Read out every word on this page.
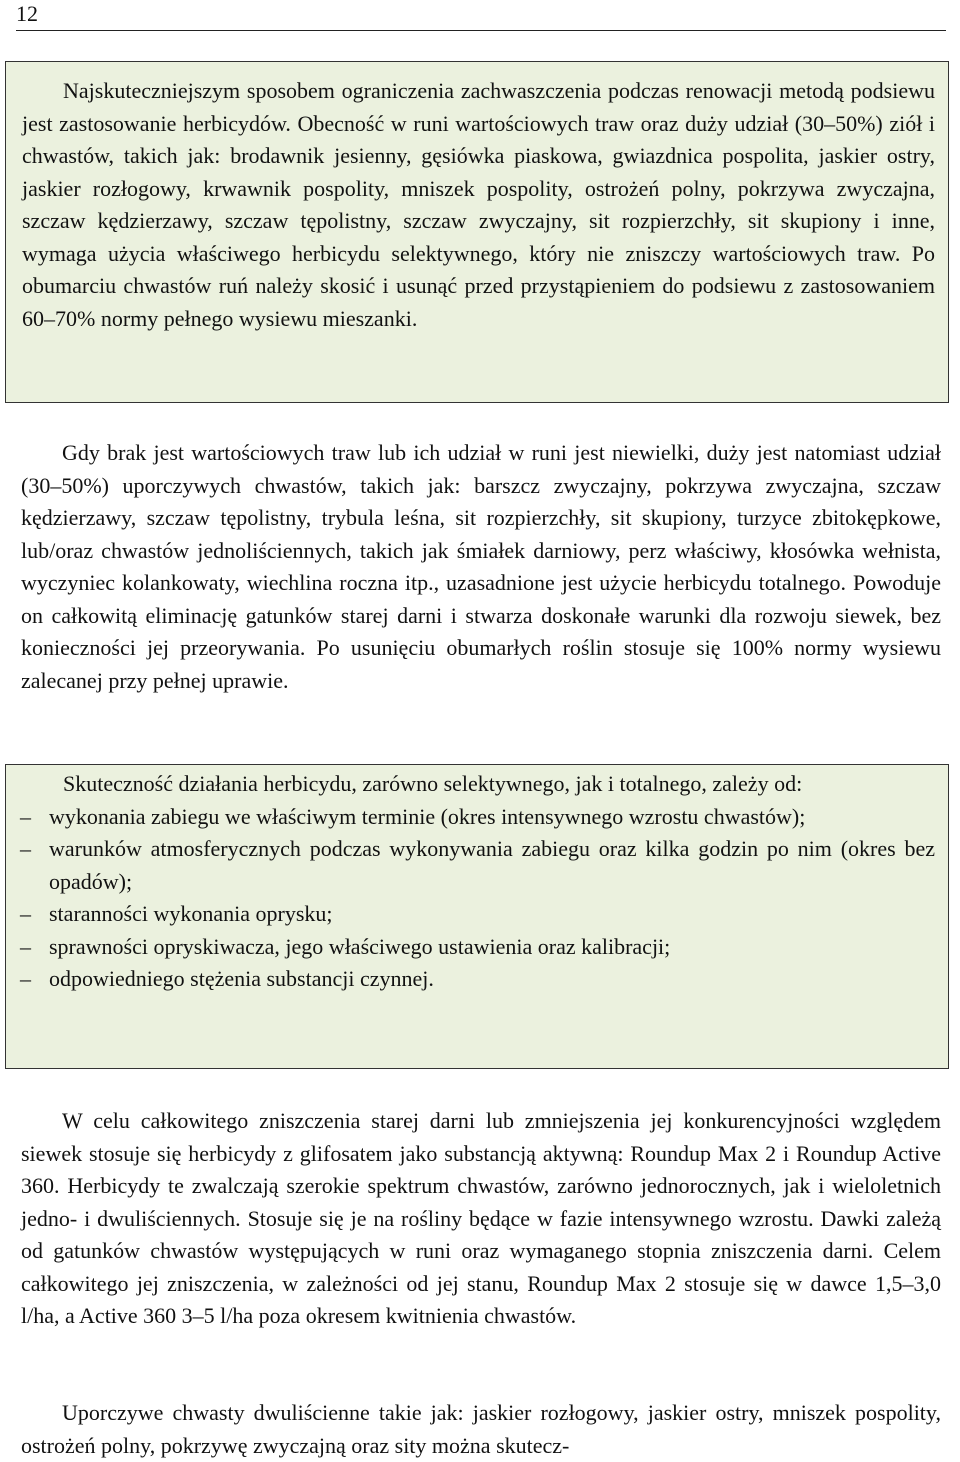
12

Najskuteczniejszym sposobem ograniczenia zachwaszczenia podczas renowacji metodą podsiewu jest zastosowanie herbicydów. Obecność w runi wartościowych traw oraz duży udział (30–50%) ziół i chwastów, takich jak: brodawnik jesienny, gęsiówka piaskowa, gwiazdnica pospolita, jaskier ostry, jaskier rozłogowy, krwawnik pospolity, mniszek pospolity, ostrożeń polny, pokrzywa zwyczajna, szczaw kędzierzawy, szczaw tępolistny, szczaw zwyczajny, sit rozpierzchły, sit skupiony i inne, wymaga użycia właściwego herbicydu selektywnego, który nie zniszczy wartościowych traw. Po obumarciu chwastów ruń należy skosić i usunąć przed przystąpieniem do podsiewu z zastosowaniem 60–70% normy pełnego wysiewu mieszanki.

Gdy brak jest wartościowych traw lub ich udział w runi jest niewielki, duży jest natomiast udział (30–50%) uporczywych chwastów, takich jak: barszcz zwyczajny, pokrzywa zwyczajna, szczaw kędzierzawy, szczaw tępolistny, trybula leśna, sit rozpierzchły, sit skupiony, turzyce zbitokępkowe, lub/oraz chwastów jednoliściennych, takich jak śmiałek darniowy, perz właściwy, kłosówka wełnista, wyczyniec kolankowaty, wiechlina roczna itp., uzasadnione jest użycie herbicydu totalnego. Powoduje on całkowitą eliminację gatunków starej darni i stwarza doskonałe warunki dla rozwoju siewek, bez konieczności jej przeorywania. Po usunięciu obumarłych roślin stosuje się 100% normy wysiewu zalecanej przy pełnej uprawie.

Skuteczność działania herbicydu, zarówno selektywnego, jak i totalnego, zależy od:

– wykonania zabiegu we właściwym terminie (okres intensywnego wzrostu chwastów);
– warunków atmosferycznych podczas wykonywania zabiegu oraz kilka godzin po nim (okres bez opadów);
– staranności wykonania oprysku;
– sprawności opryskiwacza, jego właściwego ustawienia oraz kalibracji;
– odpowiedniego stężenia substancji czynnej.

W celu całkowitego zniszczenia starej darni lub zmniejszenia jej konkurencyjności względem siewek stosuje się herbicydy z glifosatem jako substancją aktywną: Roundup Max 2 i Roundup Active 360. Herbicydy te zwalczają szerokie spektrum chwastów, zarówno jednorocznych, jak i wieloletnich jedno- i dwuliściennych. Stosuje się je na rośliny będące w fazie intensywnego wzrostu. Dawki zależą od gatunków chwastów występujących w runi oraz wymaganego stopnia zniszczenia darni. Celem całkowitego jej zniszczenia, w zależności od jej stanu, Roundup Max 2 stosuje się w dawce 1,5–3,0 l/ha, a Active 360 3–5 l/ha poza okresem kwitnienia chwastów.

Uporczywe chwasty dwuliścienne takie jak: jaskier rozłogowy, jaskier ostry, mniszek pospolity, ostrożeń polny, pokrzywę zwyczajną oraz sity można skutecz-
